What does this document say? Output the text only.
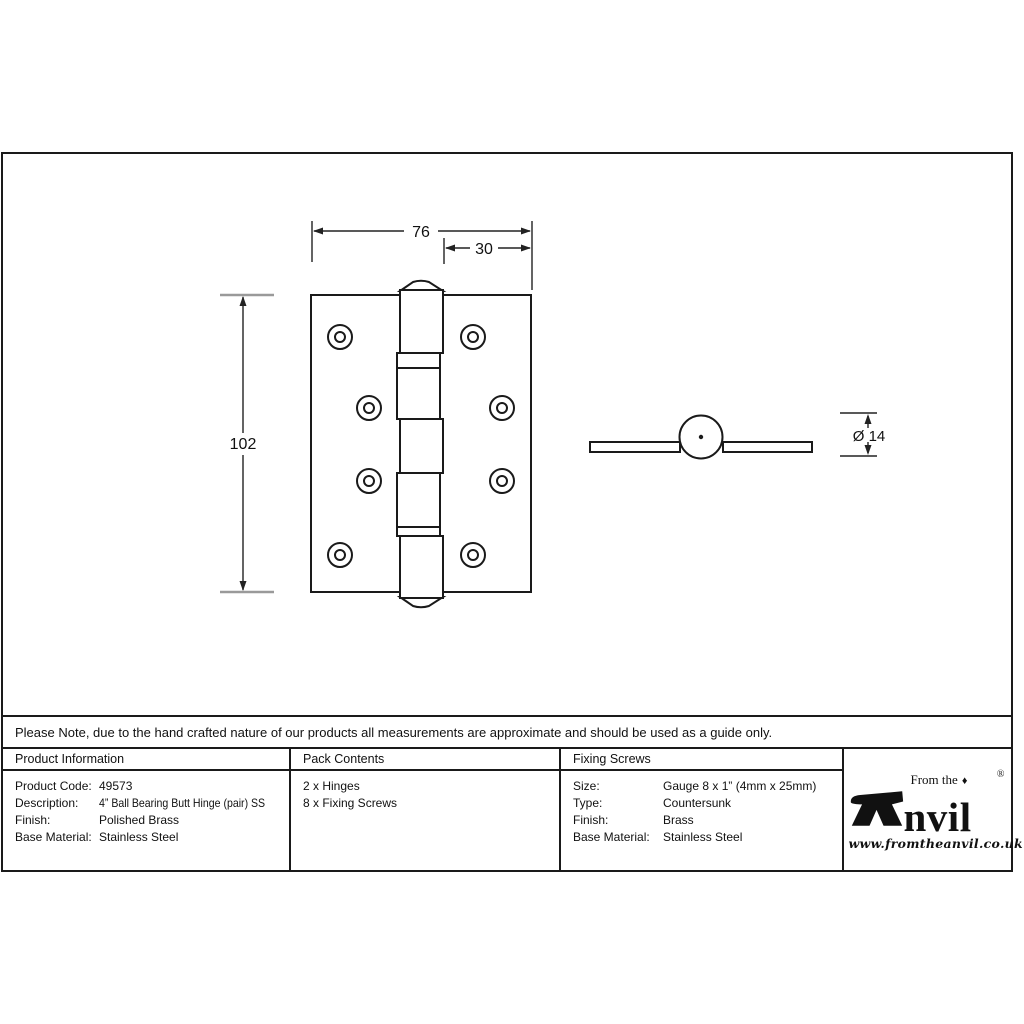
76
30
102	Ø 14
Please Note, due to the hand crafted nature of our products all measurements are approximate and should be used as a guide only.
Product Information
Product Code: 49573
Description:	4” Ball Bearing Butt Hinge (pair) SS
Finish:	Polished Brass
Base Material: Stainless Steel
Pack Contents
2 x Hinges
8 x Fixing Screws
Fixing Screws
Size:	Gauge 8 x 1” (4mm x 25mm)
Type:	Countersunk
Finish:	Brass
Base Material:	Stainless Steel
From the ♦
nvil
®
www.fromtheanvil.co.uk
